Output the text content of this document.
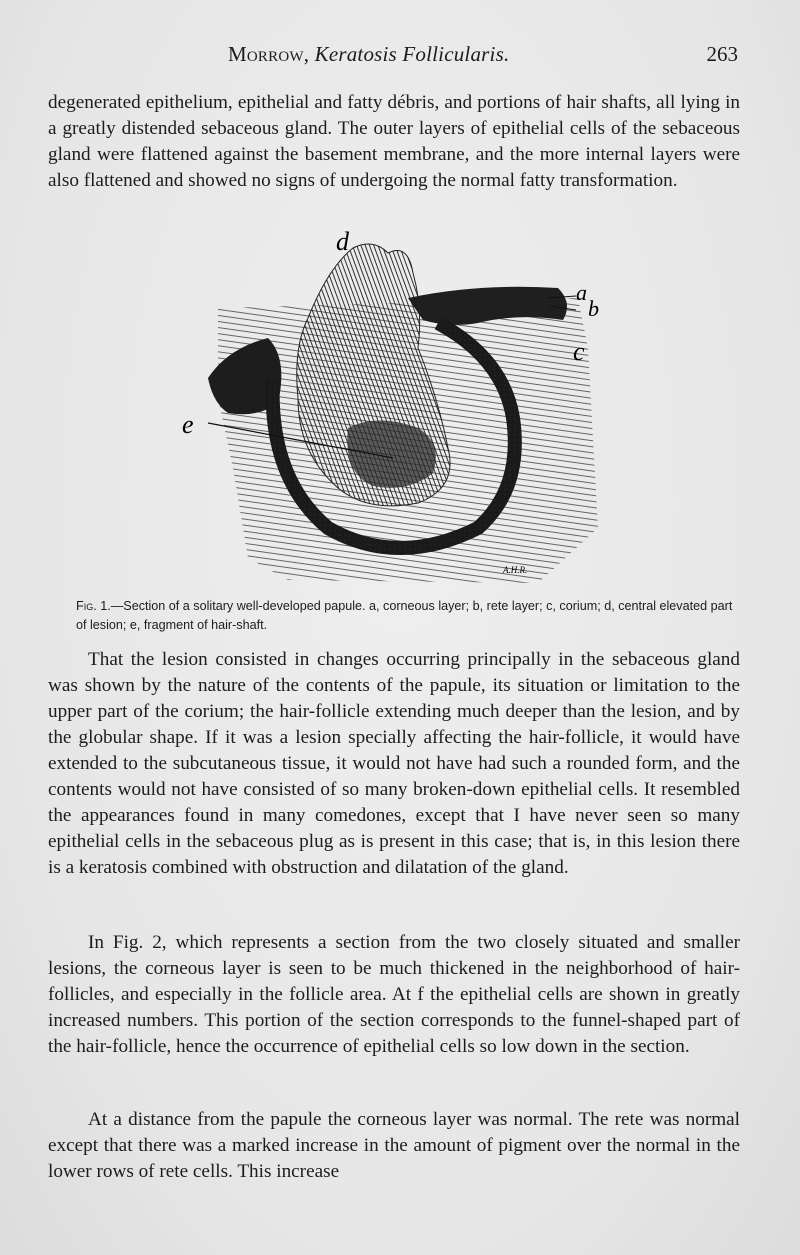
Morrow, Keratosis Follicularis.	263

degenerated epithelium, epithelial and fatty débris, and portions of hair shafts, all lying in a greatly distended sebaceous gland. The outer layers of epithelial cells of the sebaceous gland were flattened against the basement membrane, and the more internal layers were also flattened and showed no signs of undergoing the normal fatty transformation.

d
a
b
c
e
A.H.R.

Fig. 1.—Section of a solitary well-developed papule. a, corneous layer; b, rete layer; c, corium; d, central elevated part of lesion; e, fragment of hair-shaft.

That the lesion consisted in changes occurring principally in the sebaceous gland was shown by the nature of the contents of the papule, its situation or limitation to the upper part of the corium; the hair-follicle extending much deeper than the lesion, and by the globular shape. If it was a lesion specially affecting the hair-follicle, it would have extended to the subcutaneous tissue, it would not have had such a rounded form, and the contents would not have consisted of so many broken-down epithelial cells. It resembled the appearances found in many comedones, except that I have never seen so many epithelial cells in the sebaceous plug as is present in this case; that is, in this lesion there is a keratosis combined with obstruction and dilatation of the gland.

In Fig. 2, which represents a section from the two closely situated and smaller lesions, the corneous layer is seen to be much thickened in the neighborhood of hair-follicles, and especially in the follicle area. At f the epithelial cells are shown in greatly increased numbers. This portion of the section corresponds to the funnel-shaped part of the hair-follicle, hence the occurrence of epithelial cells so low down in the section.

At a distance from the papule the corneous layer was normal. The rete was normal except that there was a marked increase in the amount of pigment over the normal in the lower rows of rete cells. This increase
